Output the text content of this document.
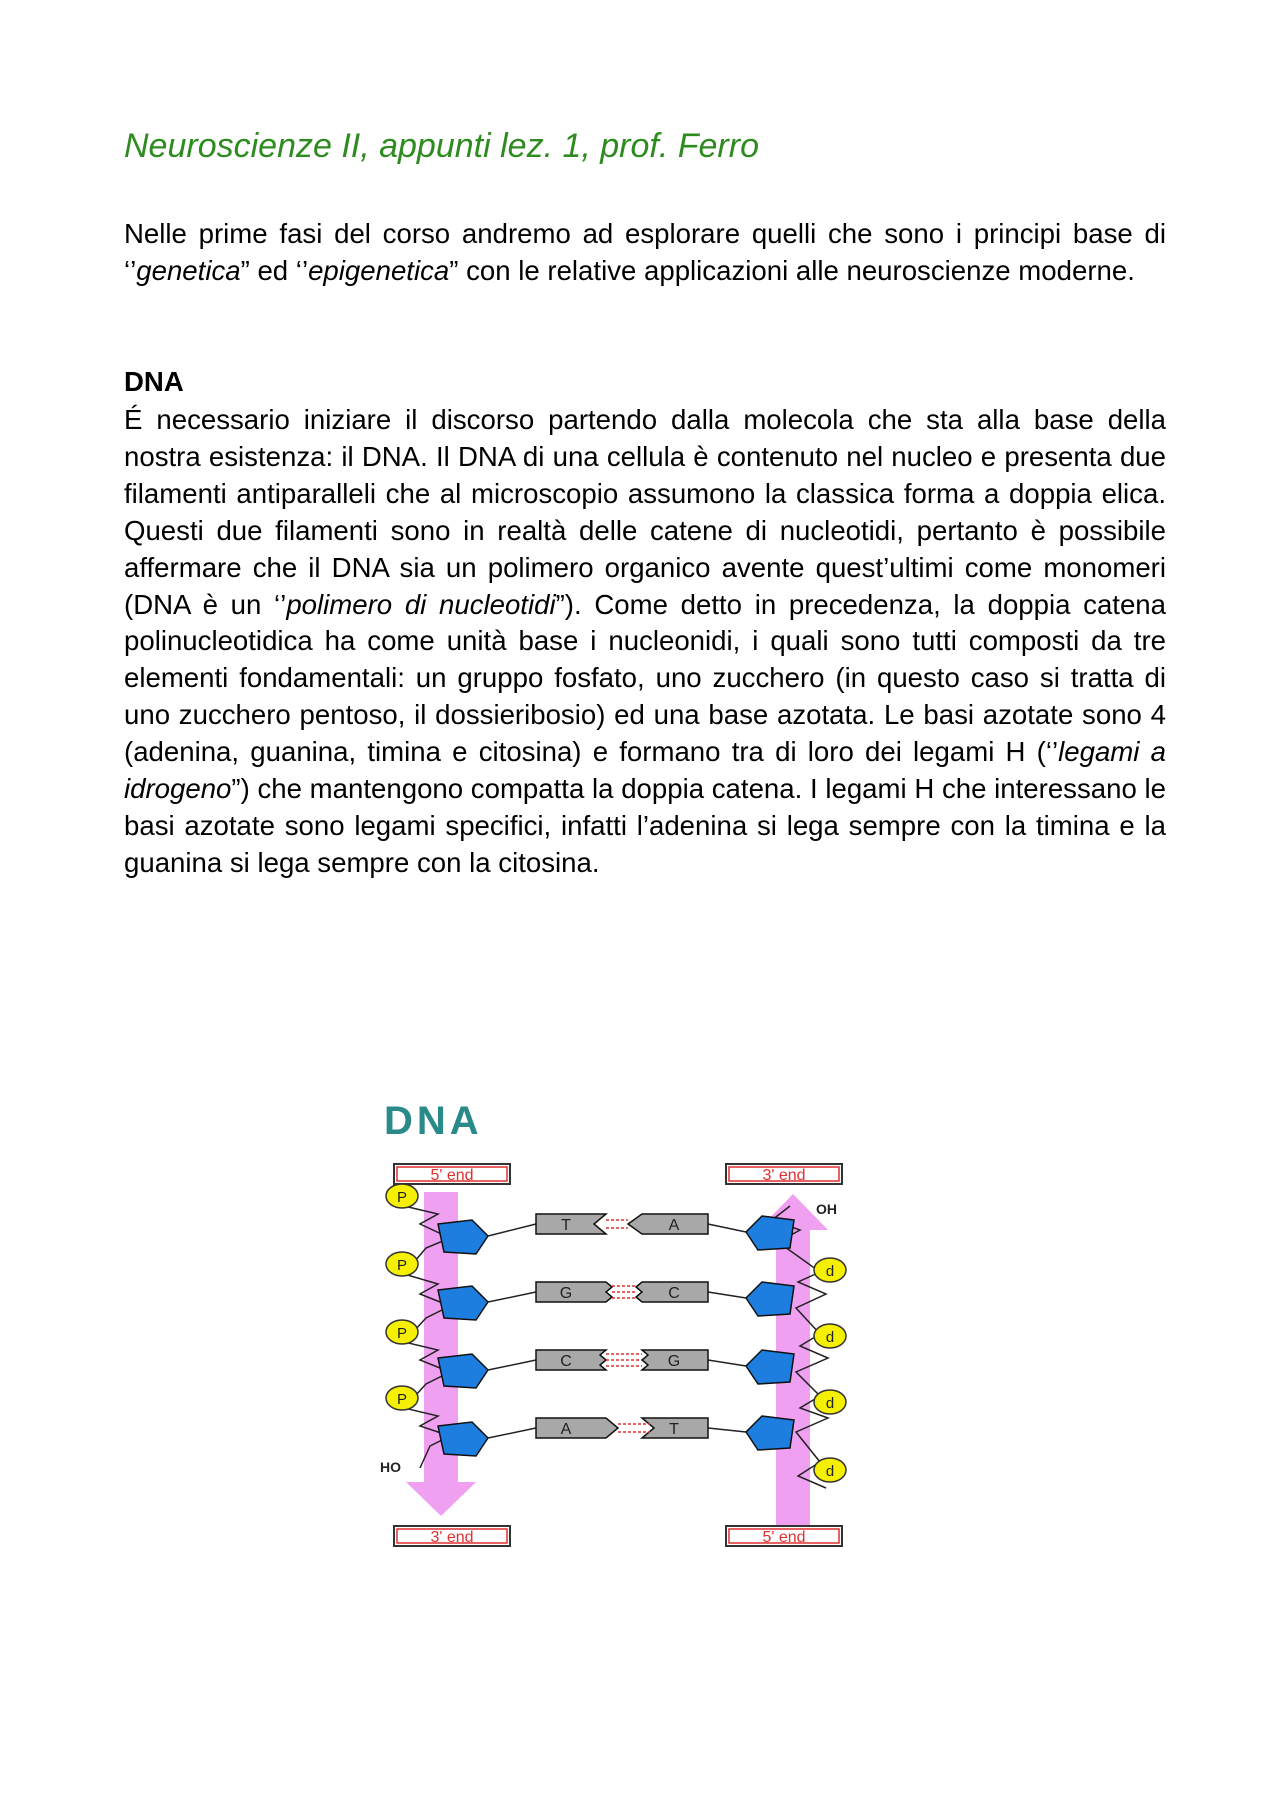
Neuroscienze II, appunti lez. 1, prof. Ferro

Nelle prime fasi del corso andremo ad esplorare quelli che sono i principi base di ‘’genetica” ed ‘’epigenetica” con le relative applicazioni alle neuroscienze moderne.

DNA

É necessario iniziare il discorso partendo dalla molecola che sta alla base della nostra esistenza: il DNA. Il DNA di una cellula è contenuto nel nucleo e presenta due filamenti antiparalleli che al microscopio assumono la classica forma a doppia elica. Questi due filamenti sono in realtà delle catene di nucleotidi, pertanto è possibile affermare che il DNA sia un polimero organico avente quest’ultimi come monomeri (DNA è un ‘’polimero di nucleotidi”). Come detto in precedenza, la doppia catena polinucleotidica ha come unità base i nucleonidi, i quali sono tutti composti da tre elementi fondamentali: un gruppo fosfato, uno zucchero (in questo caso si tratta di uno zucchero pentoso, il dossieribosio) ed una base azotata. Le basi azotate sono 4 (adenina, guanina, timina e citosina) e formano tra di loro dei legami H (‘’legami a idrogeno”) che mantengono compatta la doppia catena. I legami H che interessano le basi azotate sono legami specifici, infatti l’adenina si lega sempre con la timina e la guanina si lega sempre con la citosina.

DNA
5' end	3' end
P
P
P
P
d
d
d
d
OH
HO
T	A
G	C
C	G
A	T
3' end	5' end
